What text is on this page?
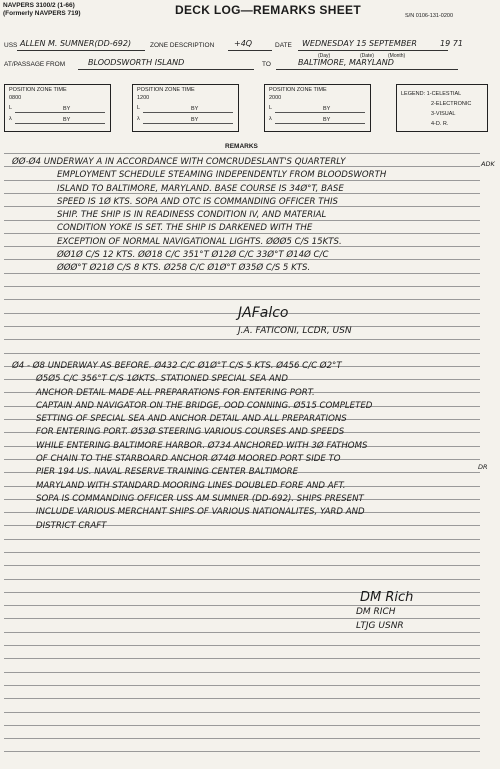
NAVPERS 3100/2 (1-66)
(Formerly NAVPERS 719)	DECK LOG—REMARKS SHEET	S/N 0106-131-0200
USS ALLEN M. SUMNER(DD-692)	ZONE DESCRIPTION +4Q	DATE WEDNESDAY 15 SEPTEMBER	19 71
(Day)	(Date)	(Month)
AT/PASSAGE FROM	BLOODSWORTH ISLAND	TO	BALTIMORE, MARYLAND
POSITION ZONE TIME
0800
L	BY
λ	BY
POSITION ZONE TIME
1200
L	BY
λ	BY
POSITION ZONE TIME
2000
L	BY
λ	BY
LEGEND: 1-CELESTIAL
2-ELECTRONIC
3-VISUAL
4-D. R.
REMARKS
ØØ-Ø4 UNDERWAY A IN ACCORDANCE WITH COMCRUDESLANT'S QUARTERLY
EMPLOYMENT SCHEDULE STEAMING INDEPENDENTLY FROM BLOODSWORTH
ISLAND TO BALTIMORE, MARYLAND. BASE COURSE IS 34Ø°T, BASE
SPEED IS 1Ø KTS. SOPA AND OTC IS COMMANDING OFFICER THIS
SHIP. THE SHIP IS IN READINESS CONDITION IV, AND MATERIAL
CONDITION YOKE IS SET. THE SHIP IS DARKENED WITH THE
EXCEPTION OF NORMAL NAVIGATIONAL LIGHTS. ØØØ5 C/S 15KTS.
ØØ1Ø C/S 12 KTS. ØØ18 C/C 351°T Ø12Ø C/C 33Ø°T Ø14Ø C/C
ØØØ°T Ø21Ø C/S 8 KTS. Ø258 C/C Ø1Ø°T Ø35Ø C/S 5 KTS.
ADK
JAFalco
J.A. FATICONI, LCDR, USN
Ø4 - Ø8 UNDERWAY AS BEFORE. Ø432 C/C Ø1Ø°T C/S 5 KTS. Ø456 C/C Ø2°T
Ø5Ø5 C/C 356°T C/S 1ØKTS. STATIONED SPECIAL SEA AND
ANCHOR DETAIL MADE ALL PREPARATIONS FOR ENTERING PORT.
CAPTAIN AND NAVIGATOR ON THE BRIDGE, OOD CONNING. Ø515 COMPLETED
SETTING OF SPECIAL SEA AND ANCHOR DETAIL AND ALL PREPARATIONS
FOR ENTERING PORT. Ø53Ø STEERING VARIOUS COURSES AND SPEEDS
WHILE ENTERING BALTIMORE HARBOR. Ø734 ANCHORED WITH 3Ø FATHOMS
OF CHAIN TO THE STARBOARD ANCHOR Ø74Ø MOORED PORT SIDE TO
PIER 194 US. NAVAL RESERVE TRAINING CENTER BALTIMORE
MARYLAND WITH STANDARD MOORING LINES DOUBLED FORE AND AFT.
SOPA IS COMMANDING OFFICER USS AM SUMNER (DD-692). SHIPS PRESENT
INCLUDE VARIOUS MERCHANT SHIPS OF VARIOUS NATIONALITES, YARD AND
DISTRICT CRAFT
DR
DM Rich
DM RICH
LTJG USNR
